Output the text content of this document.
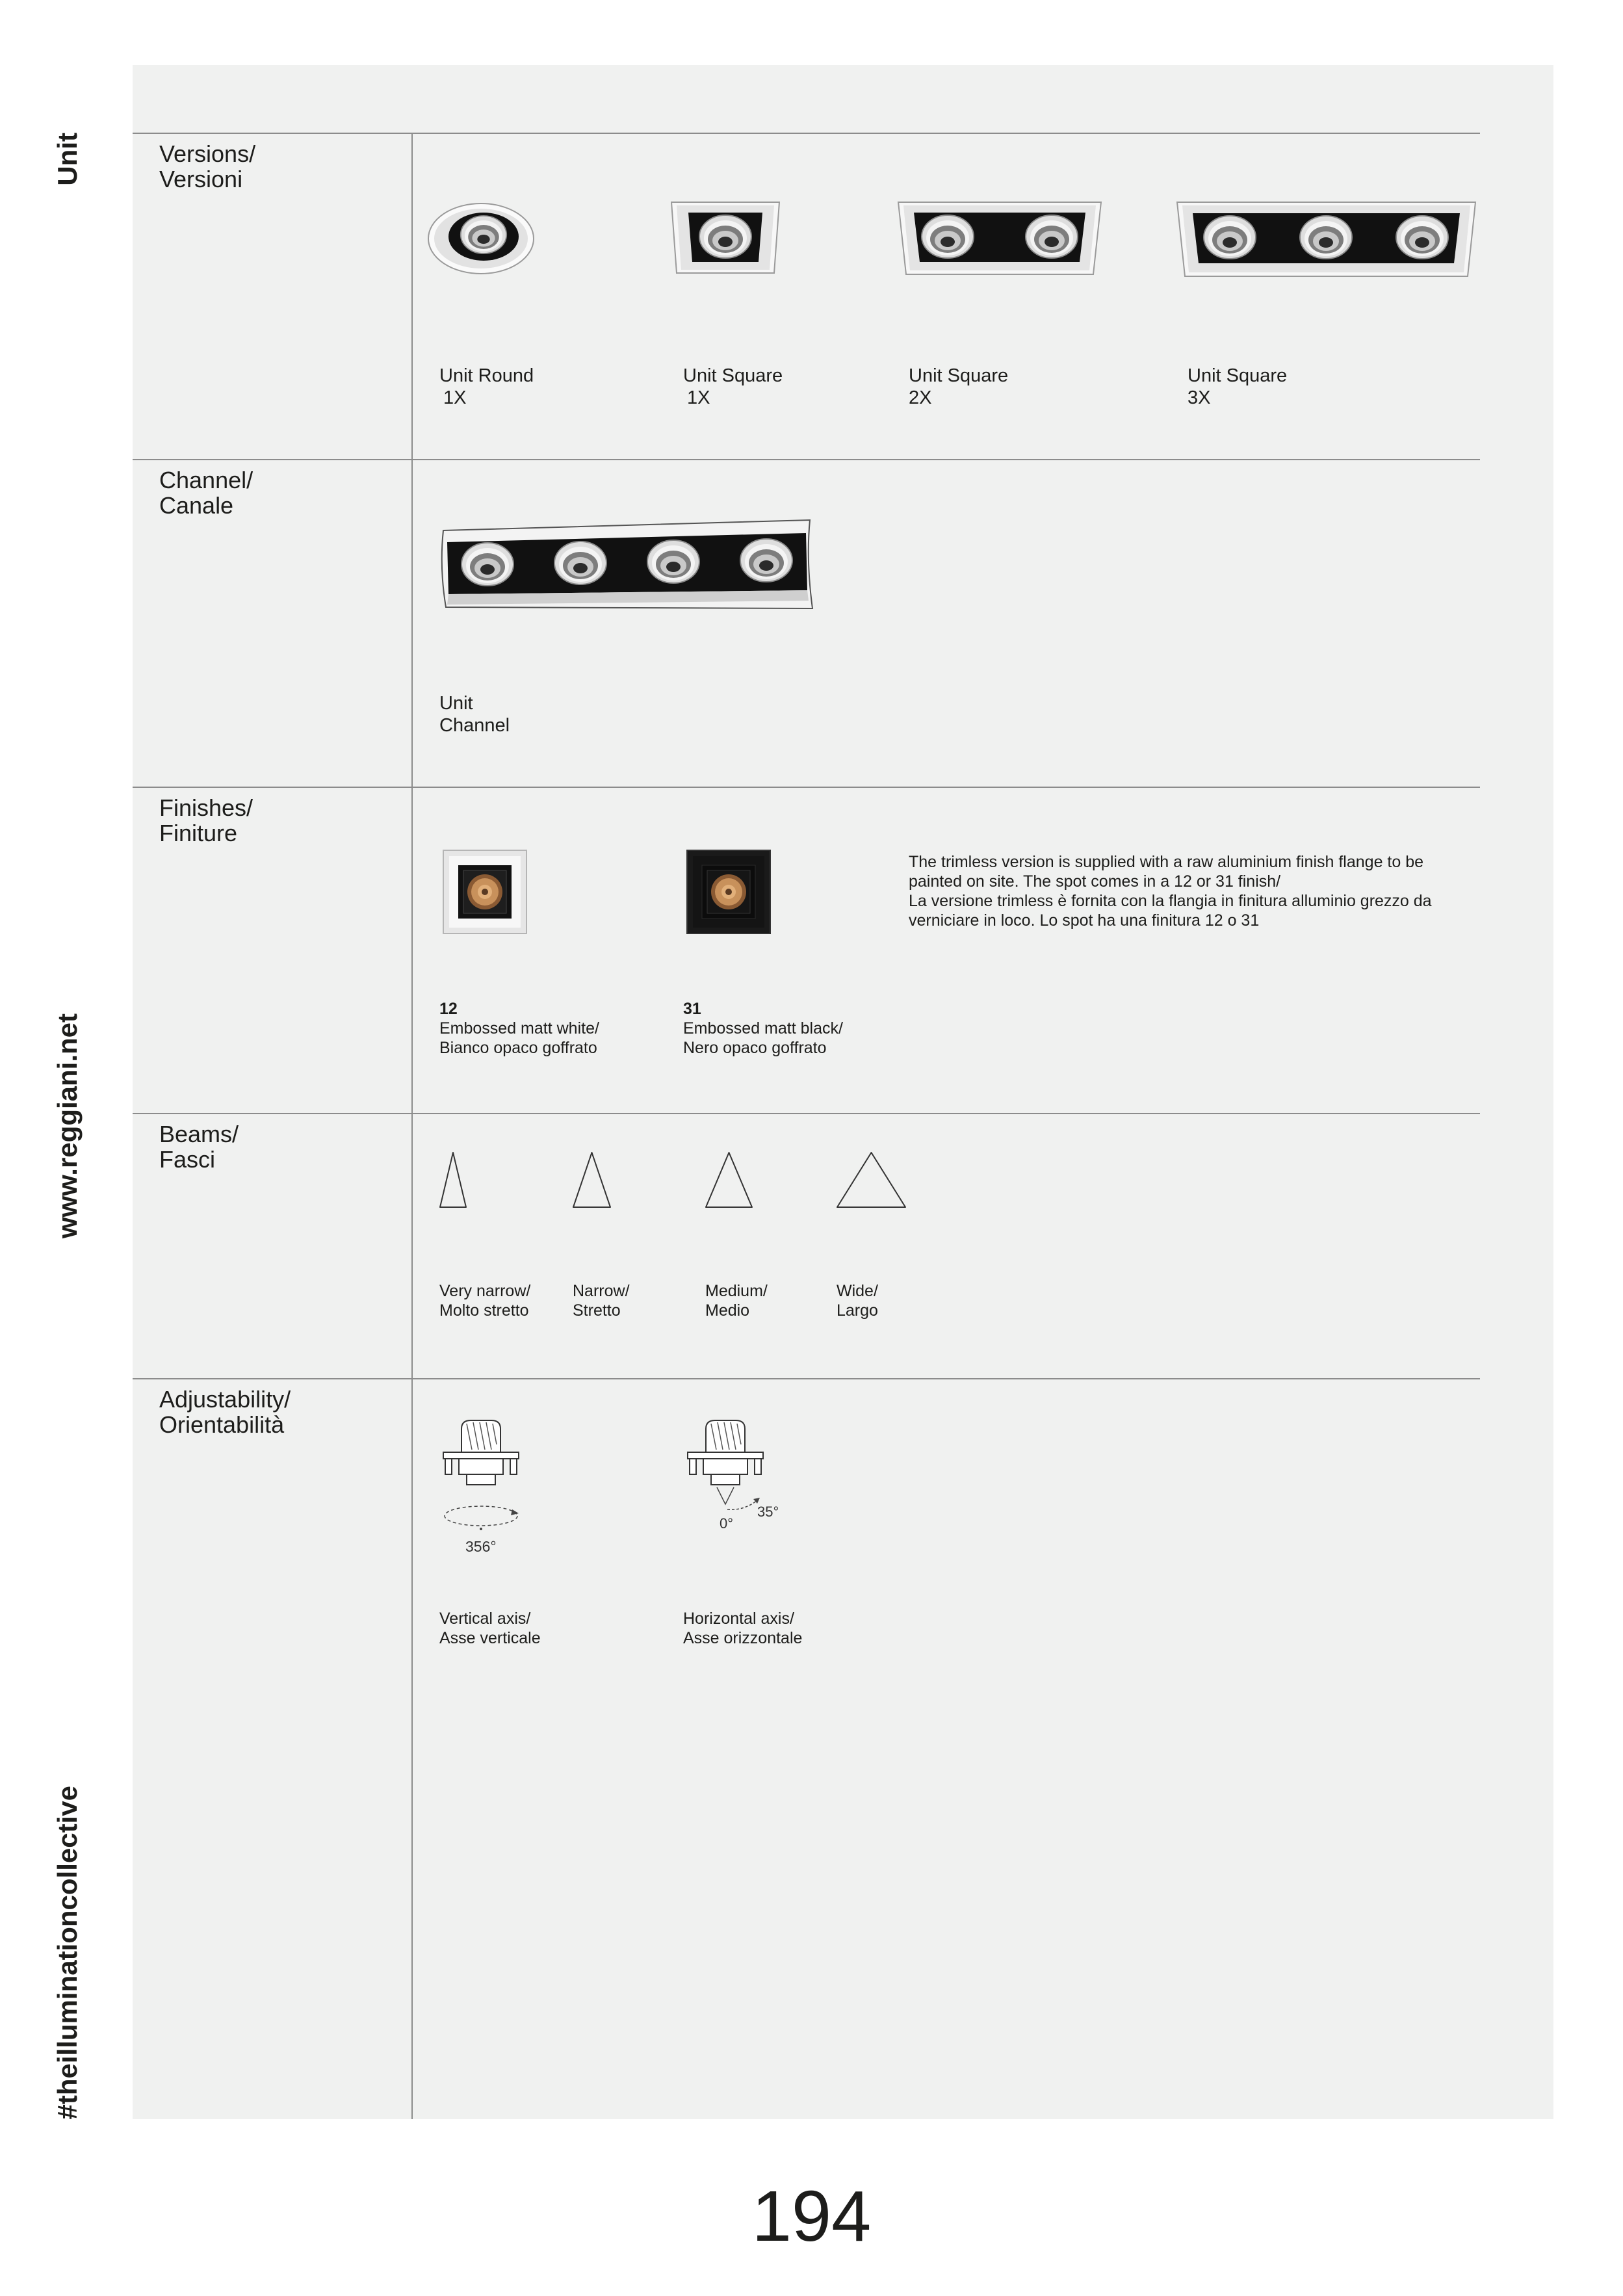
Unit
www.reggiani.net
#theilluminationcollective
Versions/
Versioni
Unit Round
1X
Unit Square
1X
Unit Square
2X
Unit Square
3X
Channel/
Canale
Unit
Channel
Finishes/
Finiture
The trimless version is supplied with a raw aluminium finish flange to be
painted on site. The spot comes in a 12 or 31 finish/
La versione trimless è fornita con la flangia in finitura alluminio grezzo da
verniciare in loco. Lo spot ha una finitura 12 o 31
12
Embossed matt white/
Bianco opaco goffrato
31
Embossed matt black/
Nero opaco goffrato
Beams/
Fasci
Very narrow/
Molto stretto
Narrow/
Stretto
Medium/
Medio
Wide/
Largo
Adjustability/
Orientabilità
356°
0°
35°
Vertical axis/
Asse verticale
Horizontal axis/
Asse orizzontale
194
